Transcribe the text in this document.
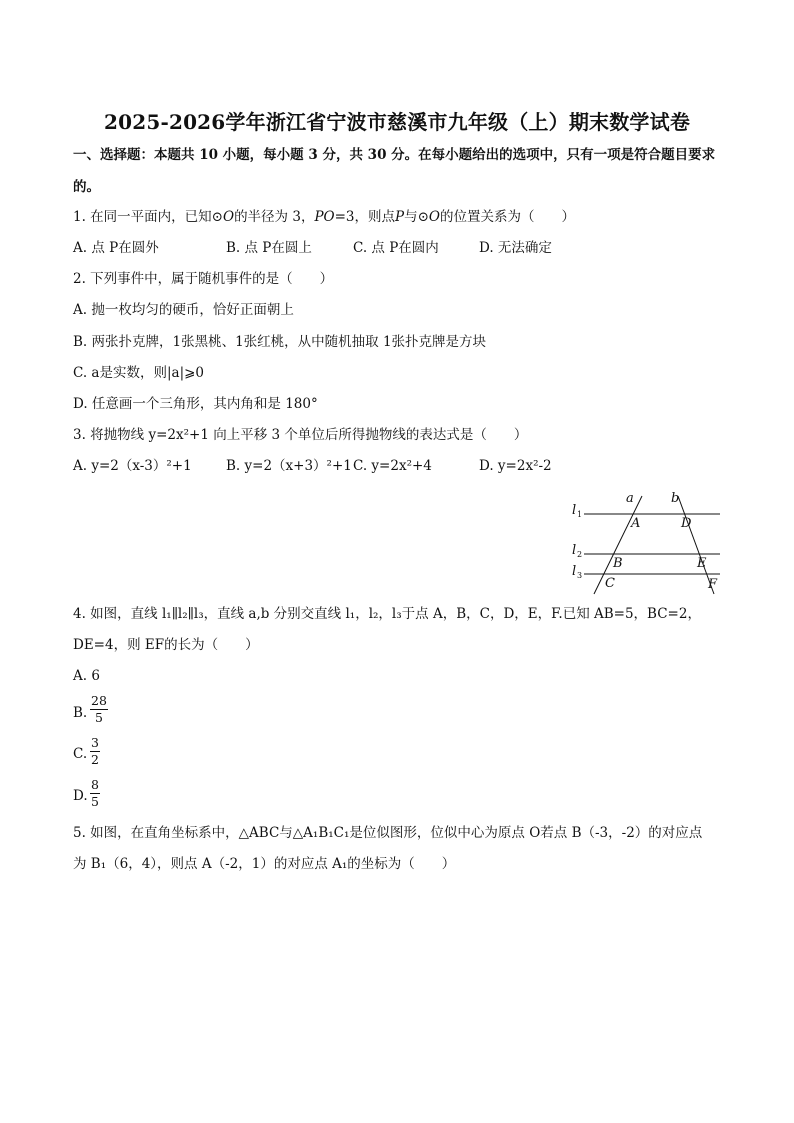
2025-2026学年浙江省宁波市慈溪市九年级（上）期末数学试卷
一、选择题：本题共 10 小题，每小题 3 分，共 30 分。在每小题给出的选项中，只有一项是符合题目要求
的。
1. 在同一平面内，已知⊙O的半径为 3，PO=3，则点P与⊙O的位置关系为（　　）
A. 点 P在圆外	B. 点 P在圆上	C. 点 P在圆内	D. 无法确定
2. 下列事件中，属于随机事件的是（　　）
A. 抛一枚均匀的硬币，恰好正面朝上
B. 两张扑克牌，1张黑桃、1张红桃，从中随机抽取 1张扑克牌是方块
C. a是实数，则|a|⩾0
D. 任意画一个三角形，其内角和是 180°
3. 将抛物线 y=2x²+1 向上平移 3 个单位后所得抛物线的表达式是（　　）
A. y=2（x-3）²+1	B. y=2（x+3）²+1 C. y=2x²+4	D. y=2x²-2
a	b
l 1
l 2
l 3
A
B
C
D
E
F
4. 如图，直线 l₁∥l₂∥l₃，直线 a,b 分别交直线 l₁，l₂，l₃于点 A，B，C，D，E，F.已知 AB=5，BC=2，
DE=4，则 EF的长为（　　）
A. 6
B.
28
5
C.
3
2
D.
8
5
5. 如图，在直角坐标系中，△ABC与△A₁B₁C₁是位似图形，位似中心为原点 O若点 B（-3，-2）的对应点
为 B₁（6，4），则点 A（-2，1）的对应点 A₁的坐标为（　　）
